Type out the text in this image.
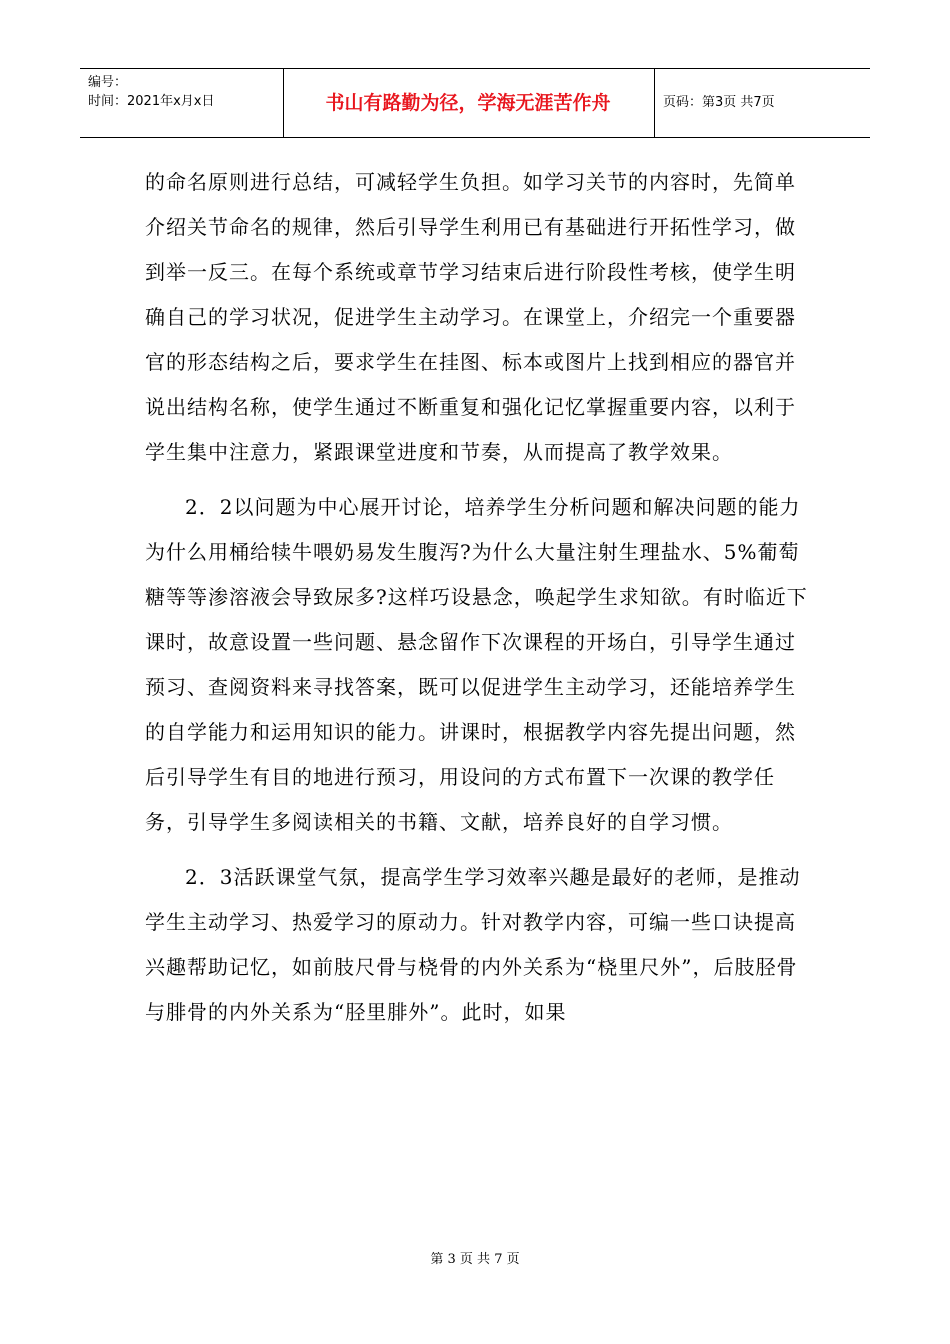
编号：
时间：2021年x月x日	书山有路勤为径，学海无涯苦作舟	页码：第3页 共7页

的命名原则进行总结，可减轻学生负担。如学习关节的内容时，先简单介绍关节命名的规律，然后引导学生利用已有基础进行开拓性学习，做到举一反三。在每个系统或章节学习结束后进行阶段性考核，使学生明确自己的学习状况，促进学生主动学习。在课堂上，介绍完一个重要器官的形态结构之后，要求学生在挂图、标本或图片上找到相应的器官并说出结构名称，使学生通过不断重复和强化记忆掌握重要内容，以利于学生集中注意力，紧跟课堂进度和节奏，从而提高了教学效果。

2．2以问题为中心展开讨论，培养学生分析问题和解决问题的能力为什么用桶给犊牛喂奶易发生腹泻?为什么大量注射生理盐水、5%葡萄糖等等渗溶液会导致尿多?这样巧设悬念，唤起学生求知欲。有时临近下课时，故意设置一些问题、悬念留作下次课程的开场白，引导学生通过预习、查阅资料来寻找答案，既可以促进学生主动学习，还能培养学生的自学能力和运用知识的能力。讲课时，根据教学内容先提出问题，然后引导学生有目的地进行预习，用设问的方式布置下一次课的教学任务，引导学生多阅读相关的书籍、文献，培养良好的自学习惯。

2．3活跃课堂气氛，提高学生学习效率兴趣是最好的老师，是推动学生主动学习、热爱学习的原动力。针对教学内容，可编一些口诀提高兴趣帮助记忆，如前肢尺骨与桡骨的内外关系为“桡里尺外”，后肢胫骨与腓骨的内外关系为“胫里腓外”。此时，如果

第 3 页 共 7 页
